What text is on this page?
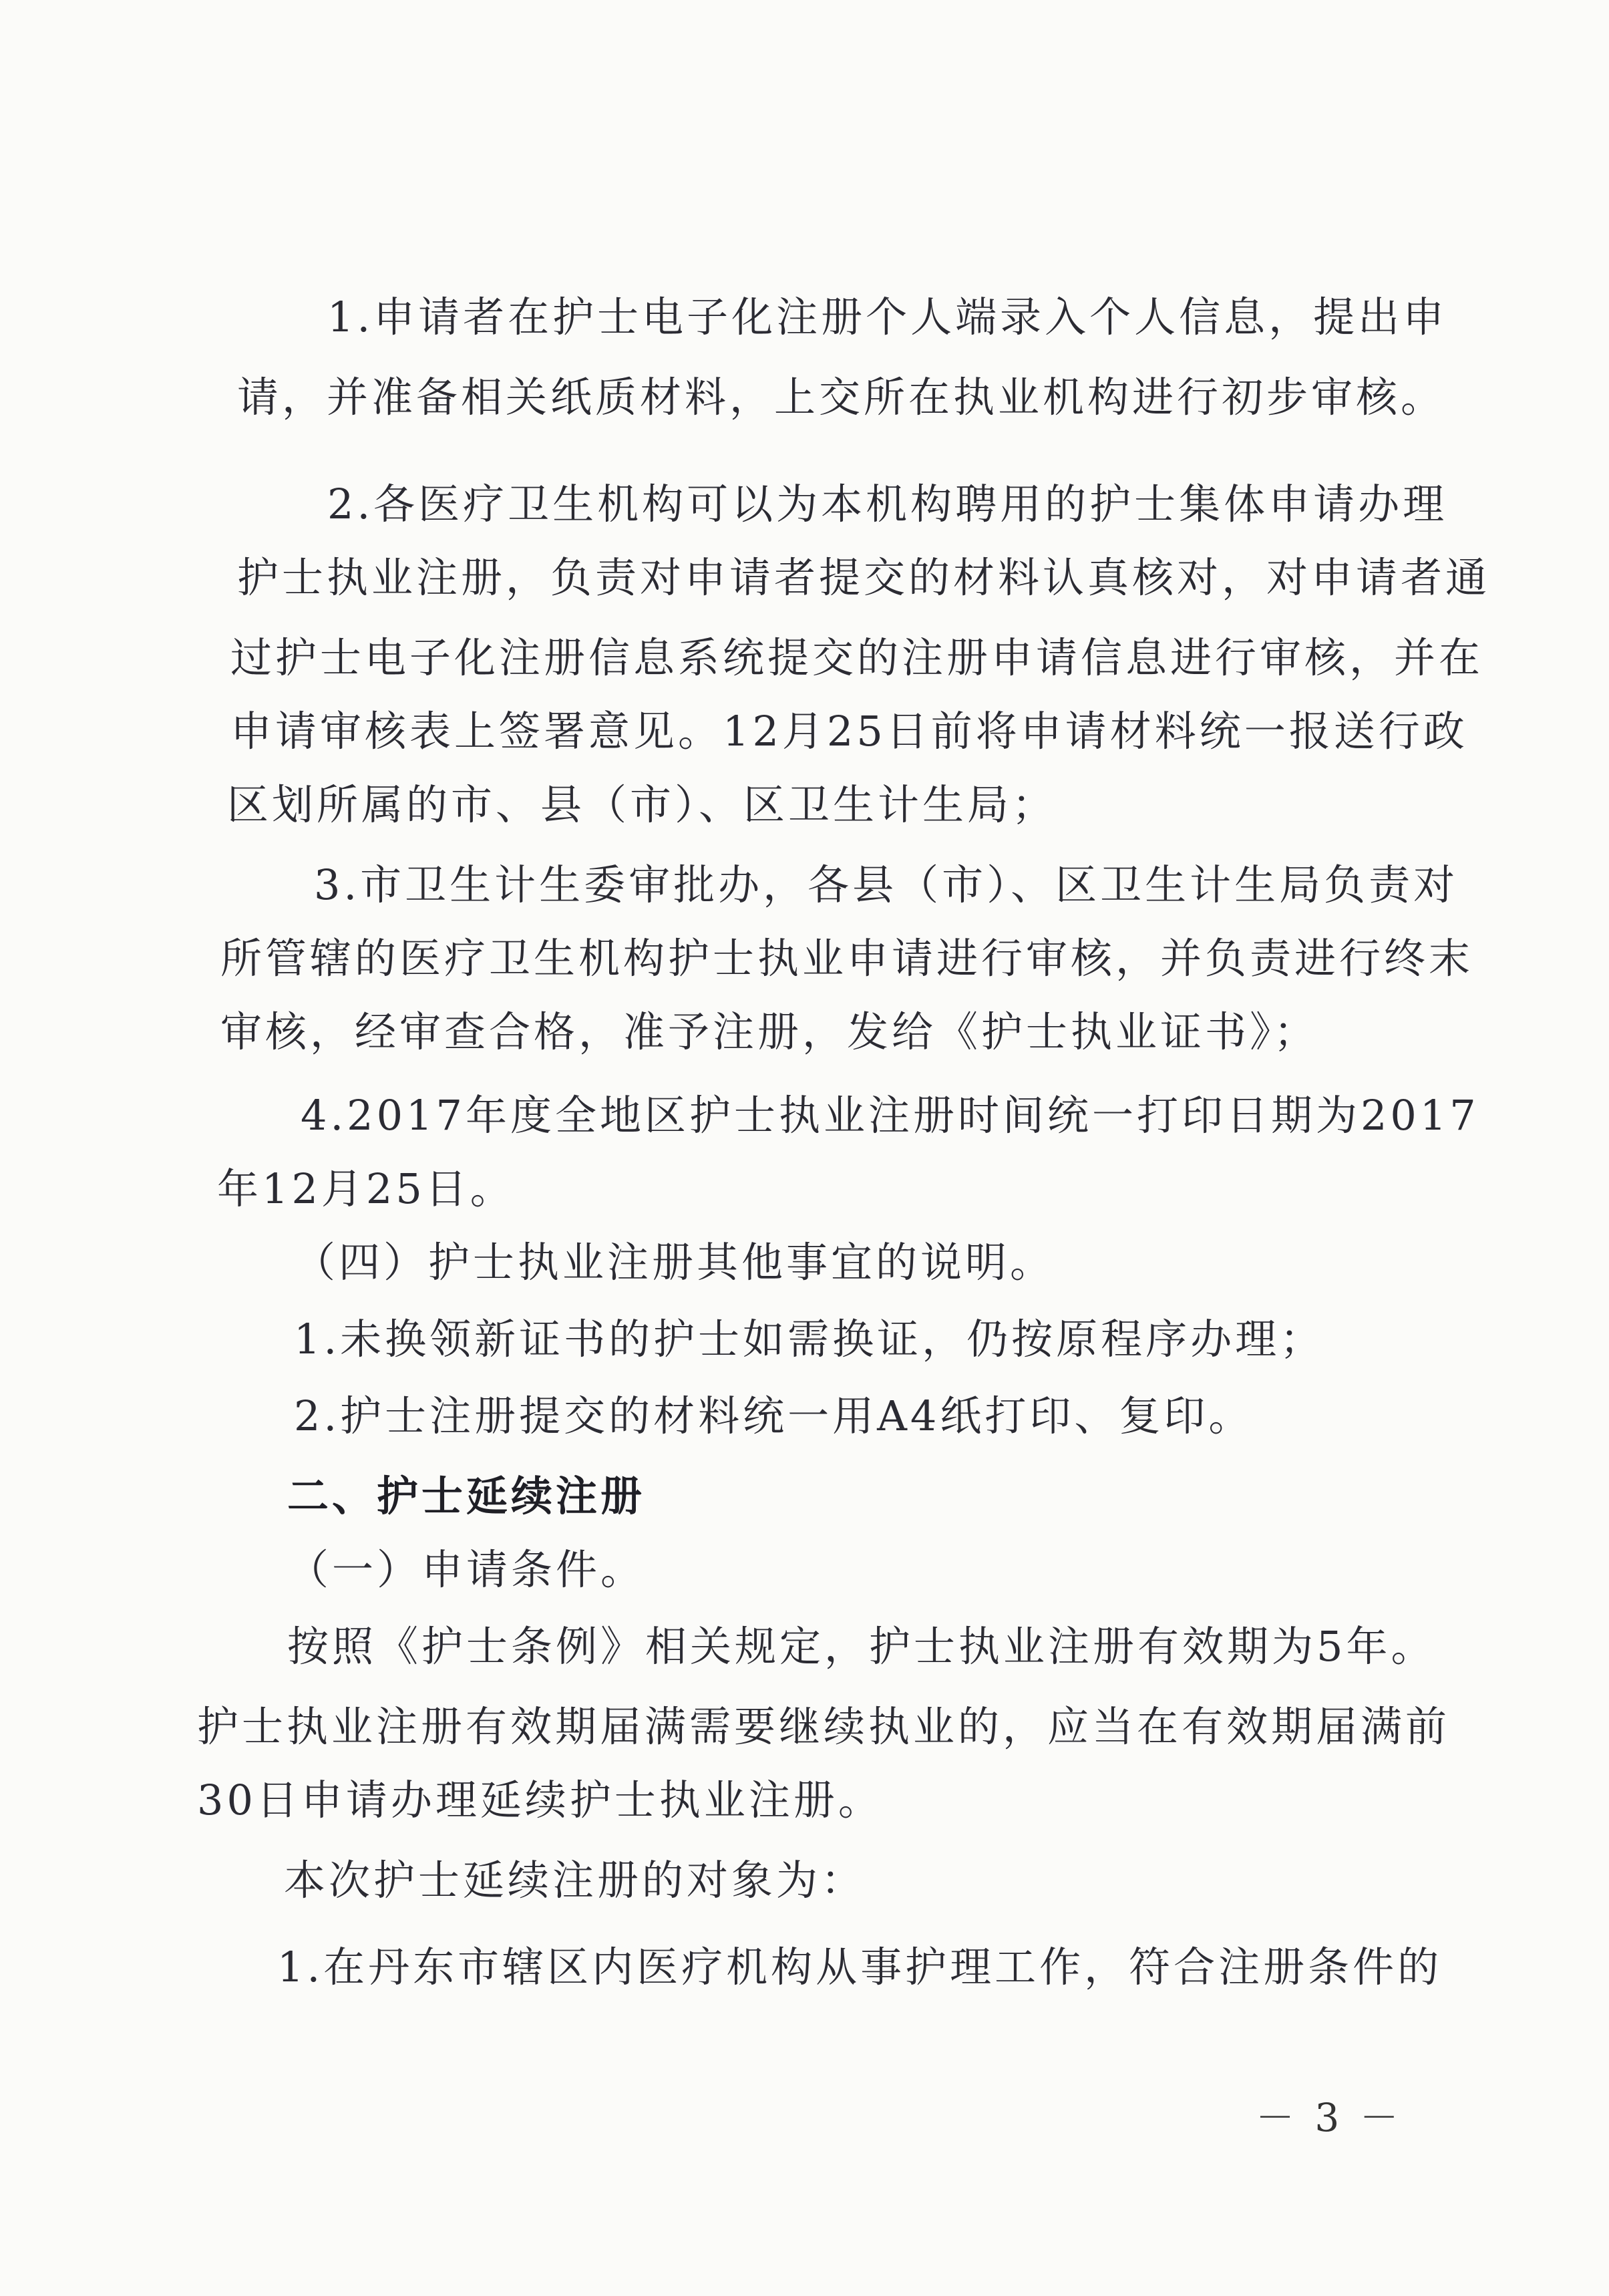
1.申请者在护士电子化注册个人端录入个人信息，提出申
请，并准备相关纸质材料，上交所在执业机构进行初步审核。
2.各医疗卫生机构可以为本机构聘用的护士集体申请办理
护士执业注册，负责对申请者提交的材料认真核对，对申请者通
过护士电子化注册信息系统提交的注册申请信息进行审核，并在
申请审核表上签署意见。12月25日前将申请材料统一报送行政
区划所属的市、县（市）、区卫生计生局；
3.市卫生计生委审批办，各县（市）、区卫生计生局负责对
所管辖的医疗卫生机构护士执业申请进行审核，并负责进行终末
审核，经审查合格，准予注册，发给《护士执业证书》；
4.2017年度全地区护士执业注册时间统一打印日期为2017
年12月25日。
（四）护士执业注册其他事宜的说明。
1.未换领新证书的护士如需换证，仍按原程序办理；
2.护士注册提交的材料统一用A4纸打印、复印。
二、护士延续注册
（一）申请条件。
按照《护士条例》相关规定，护士执业注册有效期为5年。
护士执业注册有效期届满需要继续执业的，应当在有效期届满前
30日申请办理延续护士执业注册。
本次护士延续注册的对象为：
1.在丹东市辖区内医疗机构从事护理工作，符合注册条件的
－ 3 －
